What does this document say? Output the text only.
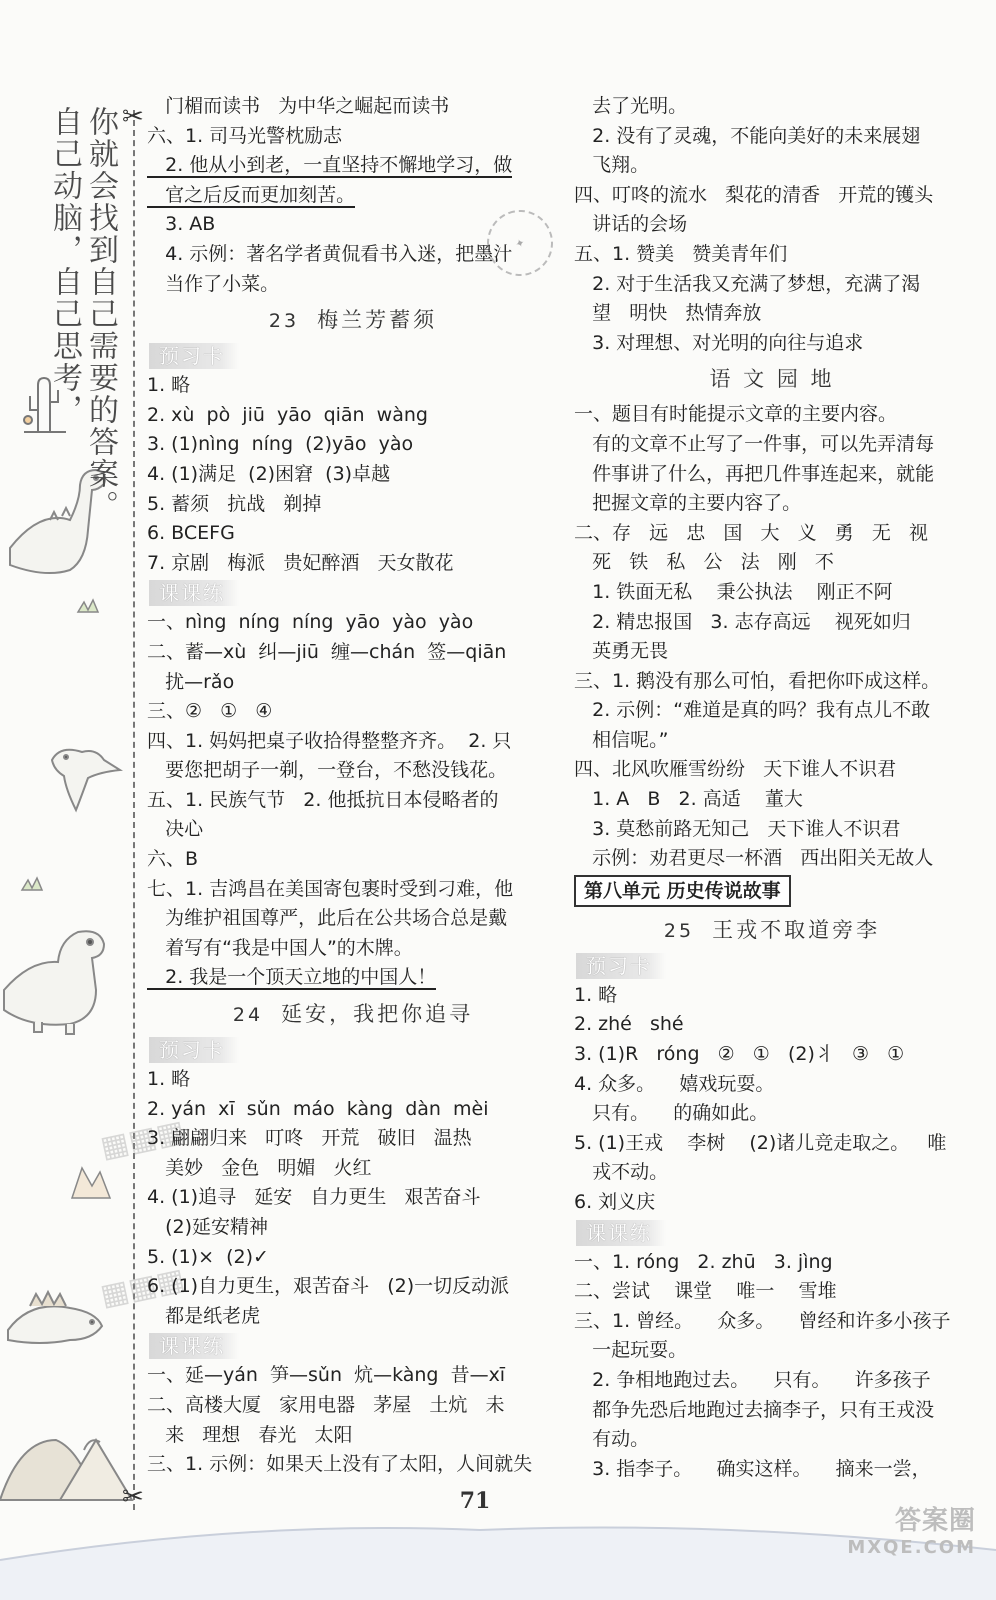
✂
✂
你就会找到自己需要的答案。
自己动脑，自己思考，	✦
▦▦▦
▦▦▦
门楣而读书   为中华之崛起而读书
六、1. 司马光警枕励志
2. 他从小到老，一直坚持不懈地学习，做
官之后反而更加刻苦。
3. AB
4. 示例：著名学者黄侃看书入迷，把墨汁
当作了小菜。
23 梅兰芳蓄须
预习卡
1. 略
2. xù  pò  jiū  yāo  qiān  wàng
3. (1)nìng  níng  (2)yāo  yào
4. (1)满足  (2)困窘  (3)卓越
5. 蓄须   抗战   剃掉
6. BCEFG
7. 京剧   梅派   贵妃醉酒   天女散花
课课练
一、nìng  níng  níng  yāo  yào  yào
二、蓄—xù  纠—jiū  缠—chán  签—qiān
扰—rǎo
三、②   ①   ④
四、1. 妈妈把桌子收拾得整整齐齐。  2. 只
要您把胡子一剃，一登台，不愁没钱花。
五、1. 民族气节   2. 他抵抗日本侵略者的
决心
六、B
七、1. 吉鸿昌在美国寄包裹时受到刁难，他
为维护祖国尊严，此后在公共场合总是戴
着写有“我是中国人”的木牌。
2. 我是一个顶天立地的中国人！
24 延安，我把你追寻
预习卡
1. 略
2. yán  xī  sǔn  máo  kàng  dàn  mèi
3. 翩翩归来   叮咚   开荒   破旧   温热
美妙   金色   明媚   火红
4. (1)追寻   延安   自力更生   艰苦奋斗
(2)延安精神
5. (1)×  (2)✓
6. (1)自力更生，艰苦奋斗   (2)一切反动派
都是纸老虎
课课练
一、延—yán  笋—sǔn  炕—kàng  昔—xī
二、高楼大厦   家用电器   茅屋   土炕   未
来   理想   春光   太阳
三、1. 示例：如果天上没有了太阳，人间就失
去了光明。
2. 没有了灵魂，不能向美好的未来展翅
飞翔。
四、叮咚的流水   梨花的清香   开荒的镬头
讲话的会场
五、1. 赞美   赞美青年们
2. 对于生活我又充满了梦想，充满了渴
望   明快   热情奔放
3. 对理想、对光明的向往与追求
语 文 园 地
一、题目有时能提示文章的主要内容。
有的文章不止写了一件事，可以先弄清每
件事讲了什么，再把几件事连起来，就能
把握文章的主要内容了。
二、存   远   忠   国   大   义   勇   无   视
死   铁   私   公   法   刚   不
1. 铁面无私    秉公执法    刚正不阿
2. 精忠报国   3. 志存高远    视死如归
英勇无畏
三、1. 鹅没有那么可怕，看把你吓成这样。
2. 示例：“难道是真的吗？我有点儿不敢
相信呢。”
四、北风吹雁雪纷纷   天下谁人不识君
1. A   B   2. 高适    董大
3. 莫愁前路无知己   天下谁人不识君
示例：劝君更尽一杯酒   西出阳关无故人
第八单元 历史传说故事
25 王戎不取道旁李
预习卡
1. 略
2. zhé   shé
3. (1)R   róng   ②   ①   (2)丬   ③   ①
4. 众多。    嬉戏玩耍。
只有。    的确如此。
5. (1)王戎    李树    (2)诸儿竞走取之。   唯
戎不动。
6. 刘义庆
课课练
一、1. róng   2. zhū   3. jìng
二、尝试    课堂    唯一    雪堆
三、1. 曾经。    众多。    曾经和许多小孩子
一起玩耍。
2. 争相地跑过去。    只有。    许多孩子
都争先恐后地跑过去摘李子，只有王戎没
有动。
3. 指李子。    确实这样。    摘来一尝，
71
答案圈
MXQE.COM
